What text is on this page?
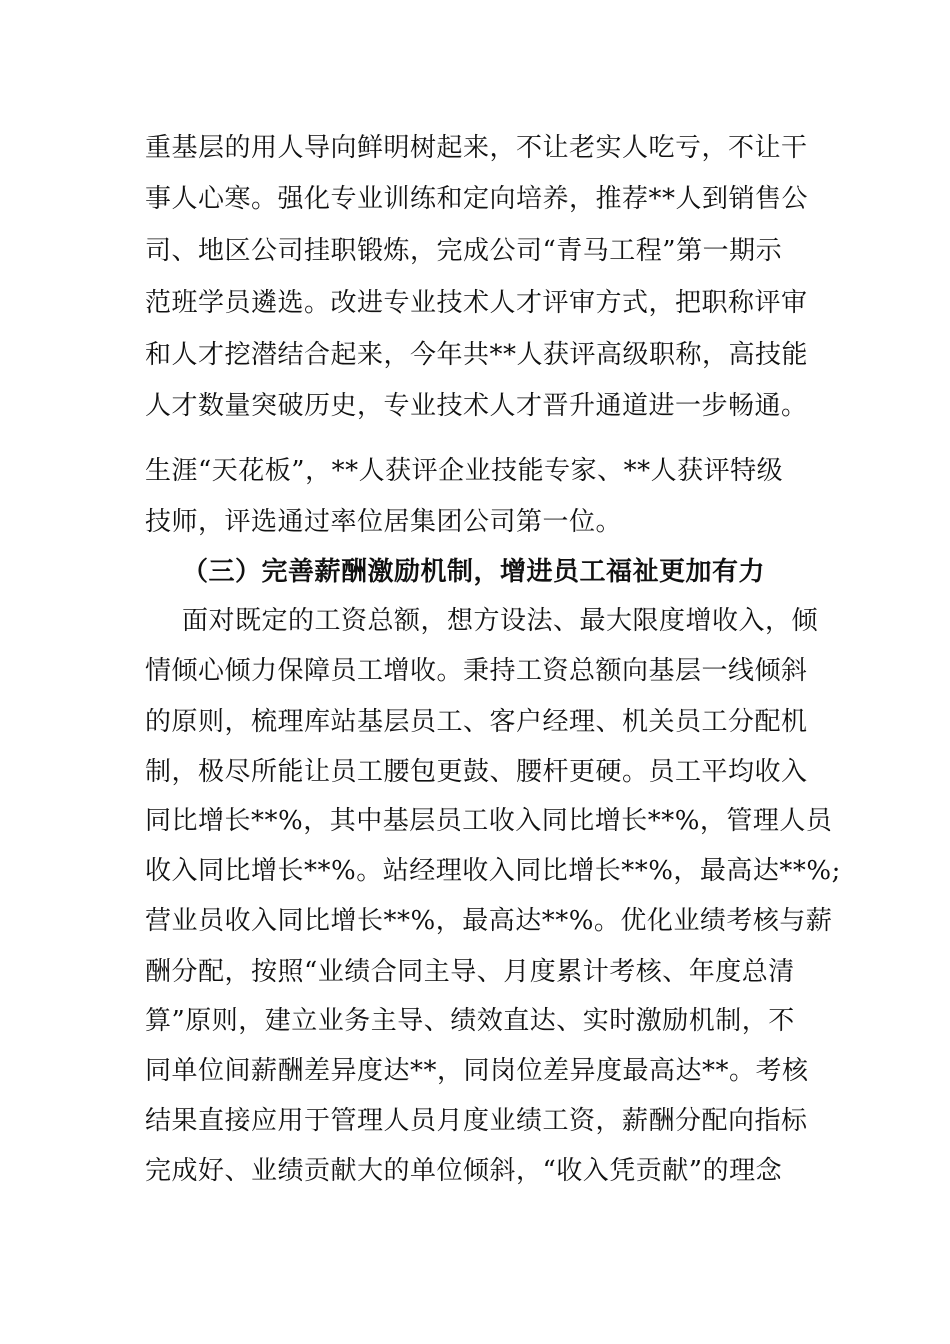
重基层的用人导向鲜明树起来，不让老实人吃亏，不让干
事人心寒。强化专业训练和定向培养，推荐**人到销售公
司、地区公司挂职锻炼，完成公司“青马工程”第一期示
范班学员遴选。改进专业技术人才评审方式，把职称评审
和人才挖潜结合起来，今年共**人获评高级职称，高技能
人才数量突破历史，专业技术人才晋升通道进一步畅通。
生涯“天花板”，**人获评企业技能专家、**人获评特级
技师，评选通过率位居集团公司第一位。
（三）完善薪酬激励机制，增进员工福祉更加有力
面对既定的工资总额，想方设法、最大限度增收入，倾
情倾心倾力保障员工增收。秉持工资总额向基层一线倾斜
的原则，梳理库站基层员工、客户经理、机关员工分配机
制，极尽所能让员工腰包更鼓、腰杆更硬。员工平均收入
同比增长**%，其中基层员工收入同比增长**%，管理人员
收入同比增长**%。站经理收入同比增长**%，最高达**%;
营业员收入同比增长**%，最高达**%。优化业绩考核与薪
酬分配，按照“业绩合同主导、月度累计考核、年度总清
算”原则，建立业务主导、绩效直达、实时激励机制，不
同单位间薪酬差异度达**，同岗位差异度最高达**。考核
结果直接应用于管理人员月度业绩工资，薪酬分配向指标
完成好、业绩贡献大的单位倾斜，“收入凭贡献”的理念
